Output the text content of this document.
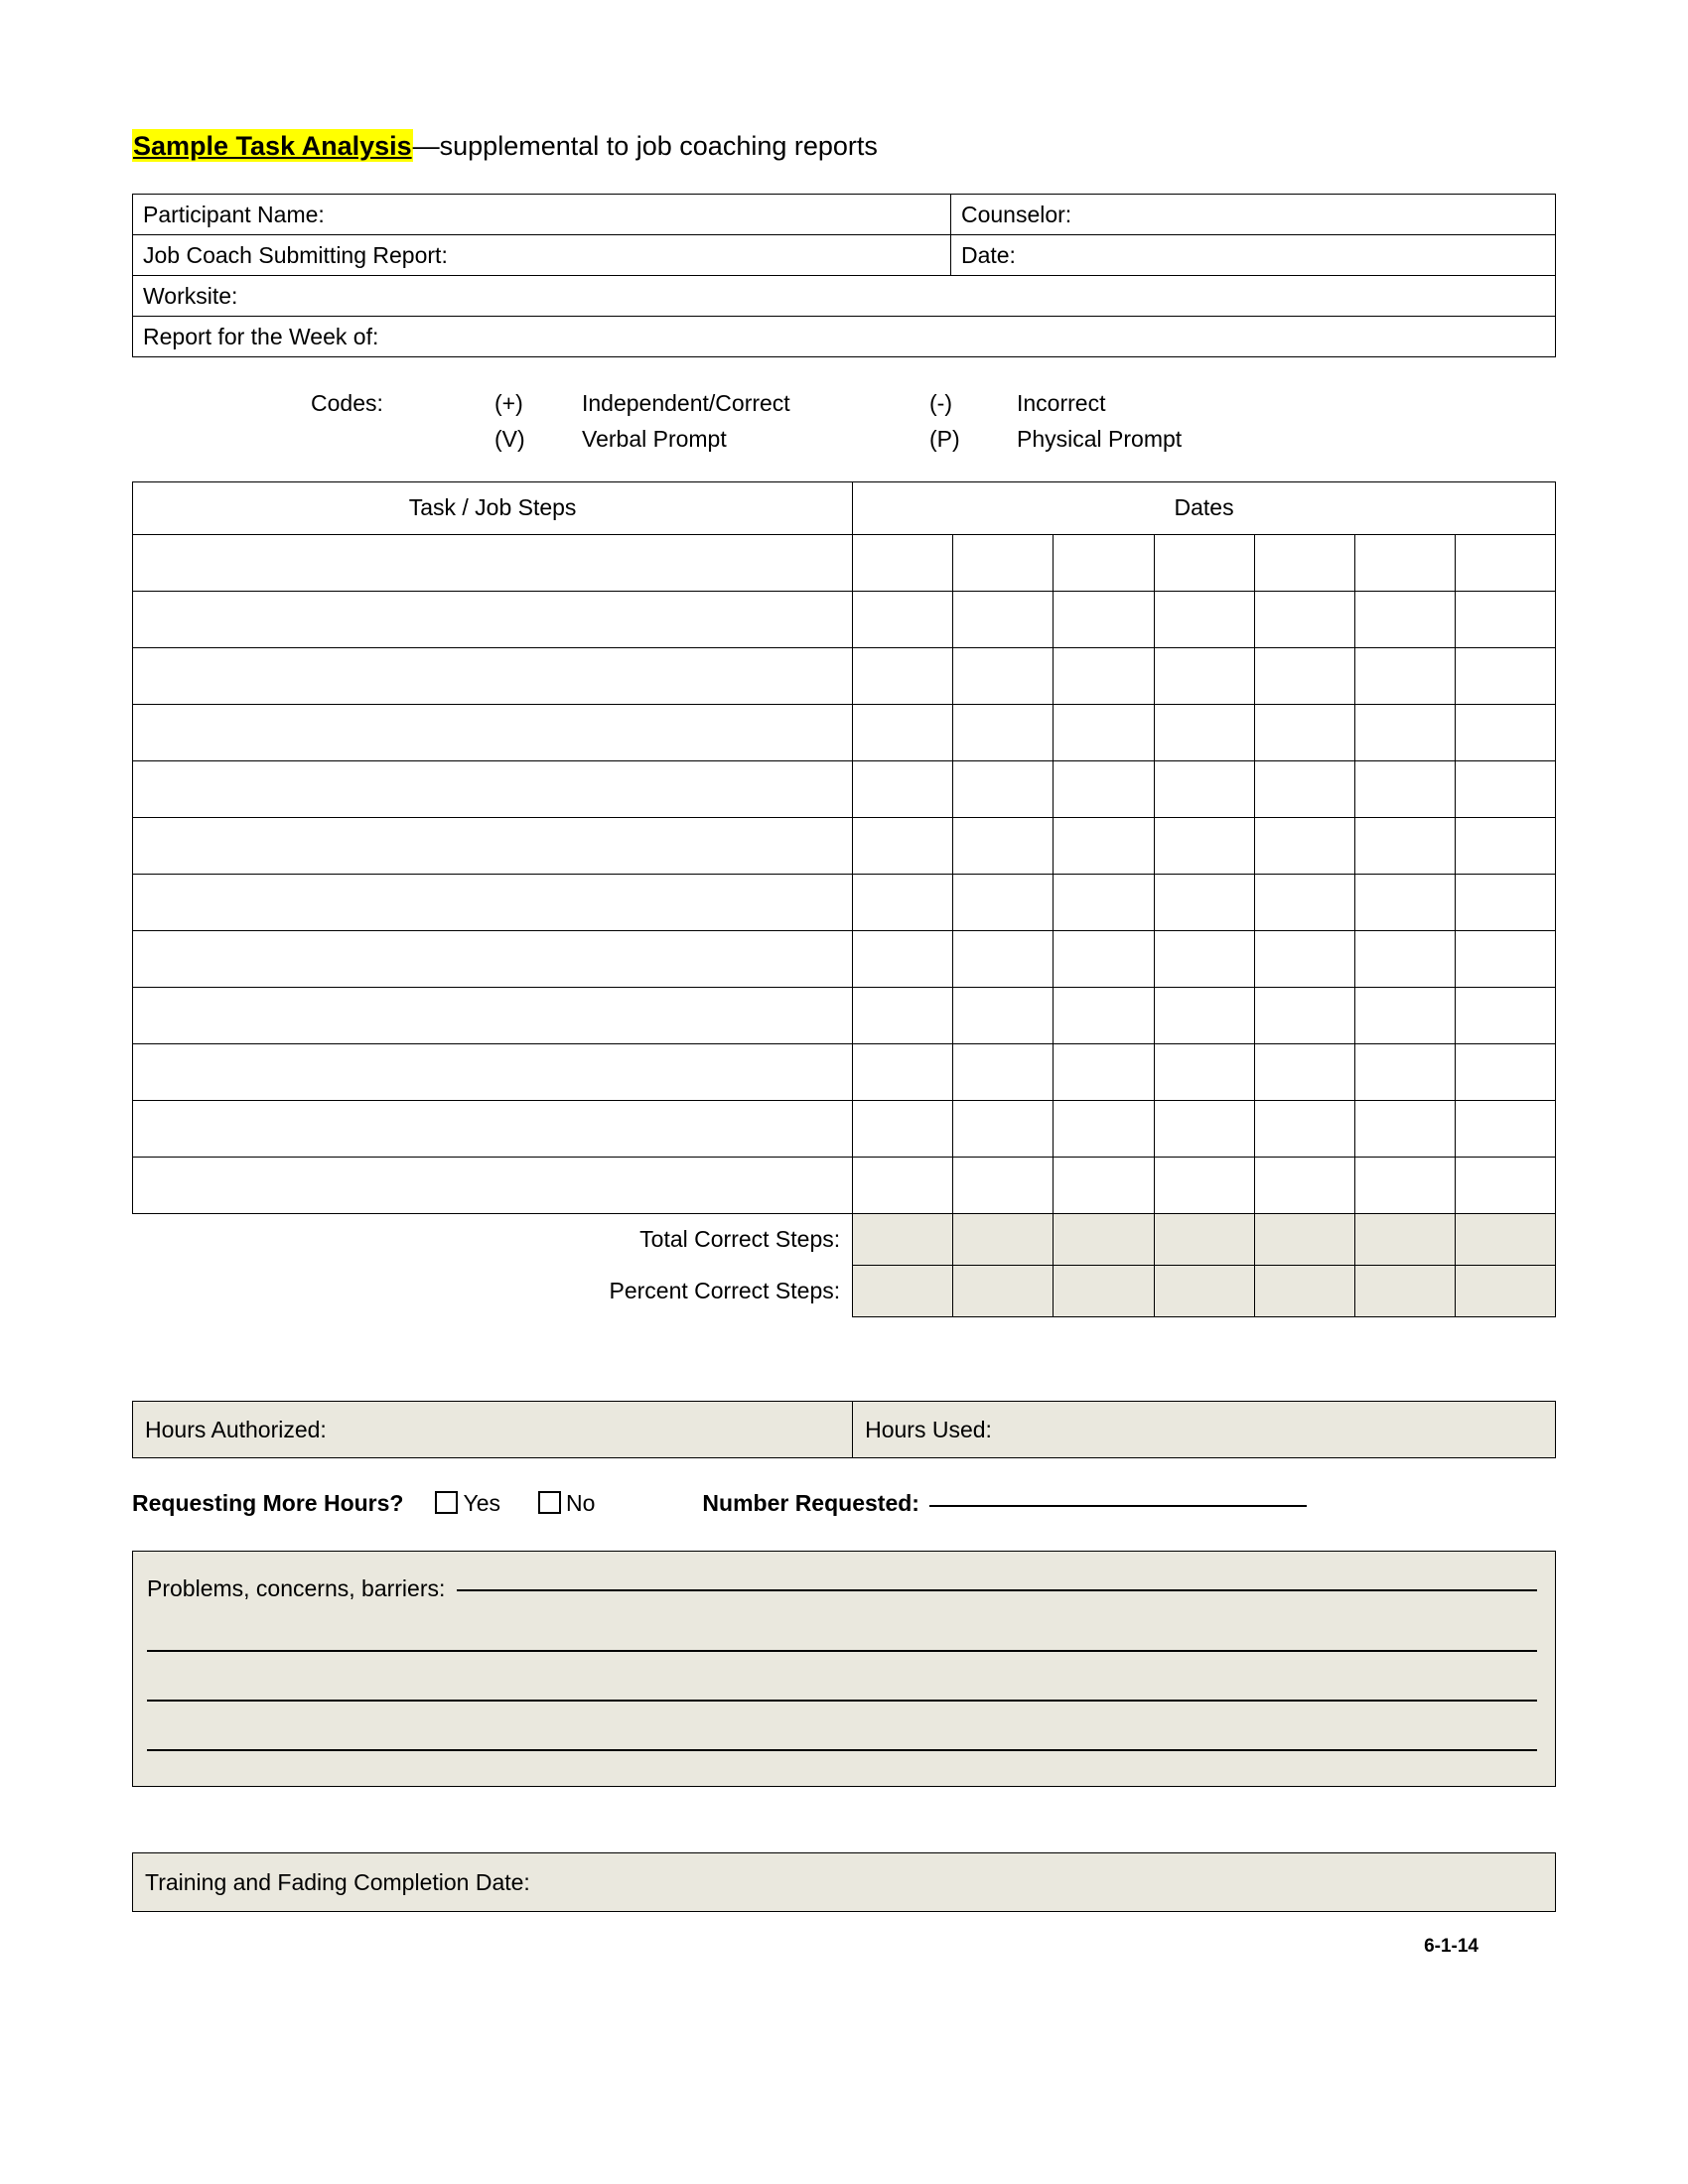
Sample Task Analysis—supplemental to job coaching reports
Participant Name:	Counselor:
Job Coach Submitting Report:	Date:
Worksite:	
Report for the Week of:	
Codes:	(+)	Independent/Correct	(-)	Incorrect
(V)	Verbal Prompt	(P)	Physical Prompt
Task / Job Steps	Dates						

Total Correct Steps:							
Percent Correct Steps:							
Hours Authorized:	Hours Used:
Requesting More Hours?	Yes	No	Number Requested:
Problems, concerns, barriers:
Training and Fading Completion Date:
6-1-14
